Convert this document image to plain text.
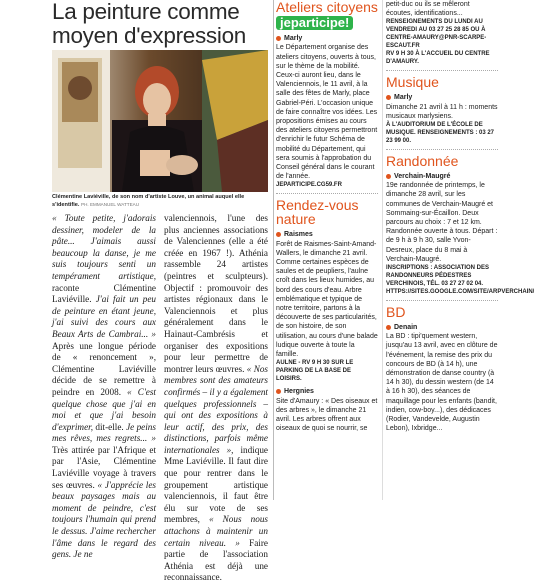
La peinture comme moyen d'expression
Clémentine Laviéville, de son nom d'artiste Louve, un animal auquel elle s'identifie. PH. EMMANUEL WATTEAU

« Toute petite, j'adorais dessiner, modeler de la pâte... J'aimais aussi beaucoup la danse, je me suis toujours senti un tempérament artistique, raconte Clémentine Laviéville. J'ai fait un peu de peinture en étant jeune, j'ai suivi des cours aux Beaux Arts de Cambrai... » Après une longue période de « renoncement », Clémentine Laviéville décide de se remettre à peindre en 2008. « C'est quelque chose que j'ai en moi et que j'ai besoin d'exprimer, dit-elle. Je peins mes rêves, mes regrets... » Très attirée par l'Afrique et par l'Asie, Clémentine Laviéville voyage à travers ses œuvres. « J'apprécie les beaux paysages mais au moment de peindre, c'est toujours l'humain qui prend le dessus. J'aime rechercher l'âme dans le regard des gens. Je ne

valenciennois, l'une des plus anciennes associations de Valenciennes (elle a été créée en 1967 !). Athénia rassemble 24 artistes (peintres et sculpteurs). Objectif : promouvoir des artistes régionaux dans le Valenciennois et plus généralement dans le Hainaut-Cambrésis et organiser des expositions pour leur permettre de montrer leurs œuvres. « Nos membres sont des amateurs confirmés – il y a également quelques professionnels – qui ont des expositions à leur actif, des prix, des distinctions, parfois même internationales », indique Mme Laviéville. Il faut dire que pour rentrer dans le groupement artistique valenciennois, il faut être élu sur vote de ses membres, « Nous nous attachons à maintenir un certain niveau. » Faire partie de l'association Athénia est déjà une reconnaissance.

Ateliers citoyens
jeparticipe!
Marly
Le Département organise des ateliers citoyens, ouverts à tous, sur le thème de la mobilité. Ceux-ci auront lieu, dans le Valenciennois, le 11 avril, à la salle des fêtes de Marly, place Gabriel-Péri. L'occasion unique de faire connaître vos idées. Les propositions émises au cours des ateliers citoyens permettront d'enrichir le futur Schéma de mobilité du Département, qui sera soumis à l'approbation du Conseil général dans le courant de l'année.
JEPARTICIPE.CG59.FR
Rendez-vous nature
Raismes
Forêt de Raismes-Saint-Amand-Wallers, le dimanche 21 avril. Comme certaines espèces de saules et de peupliers, l'aulne croît dans les lieux humides, au bord des cours d'eau. Arbre emblématique et typique de notre territoire, partons à la découverte de ses particularités, de son histoire, de son utilisation, au cours d'une balade ludique ouverte à toute la famille.
AULNE - RV 9 H 30 SUR LE PARKING DE LA BASE DE LOISIRS.
Hergnies
Site d'Amaury : « Des oiseaux et des arbres », le dimanche 21 avril. Les arbres offrent aux oiseaux de quoi se nourrir, se
petit-duc ou ils se mêleront écoutes, identifications...
RENSEIGNEMENTS DU LUNDI AU VENDREDI AU 03 27 25 28 85 OU À CENTRE-AMAURY@PNR-SCARPE-ESCAUT.FR
RV 9 H 30 À L'ACCUEIL DU CENTRE D'AMAURY.
Musique
Marly
Dimanche 21 avril à 11 h : moments musicaux marlysiens.
À L'AUDITORIUM DE L'ÉCOLE DE MUSIQUE. RENSEIGNEMENTS : 03 27 23 99 00.
Randonnée
Verchain-Maugré
19e randonnée de printemps, le dimanche 28 avril, sur les communes de Verchain-Maugré et Sommaing-sur-Écaillon. Deux parcours au choix : 7 et 12 km. Randonnée ouverte à tous. Départ : de 9 h à 9 h 30, salle Yvon-Desreux, place du 8 mai à Verchain-Maugré.
INSCRIPTIONS : ASSOCIATION DES RANDONNEURS PÉDESTRES VERCHINOIS, TÉL. 03 27 27 02 04. HTTPS://SITES.GOOGLE.COM/SITE/ARPVERCHAIN/
BD
Denain
La BD : tipi'quement western, jusqu'au 13 avril, avec en clôture de l'événement, la remise des prix du concours de BD (à 14 h), une démonstration de danse country (à 14 h 30), du dessin western (de 14 à 16 h 30), des séances de maquillage pour les enfants (bandit, indien, cow-boy...), des dédicaces (Rodier, Vandevelde, Augustin Lebon), Ixbridge...
